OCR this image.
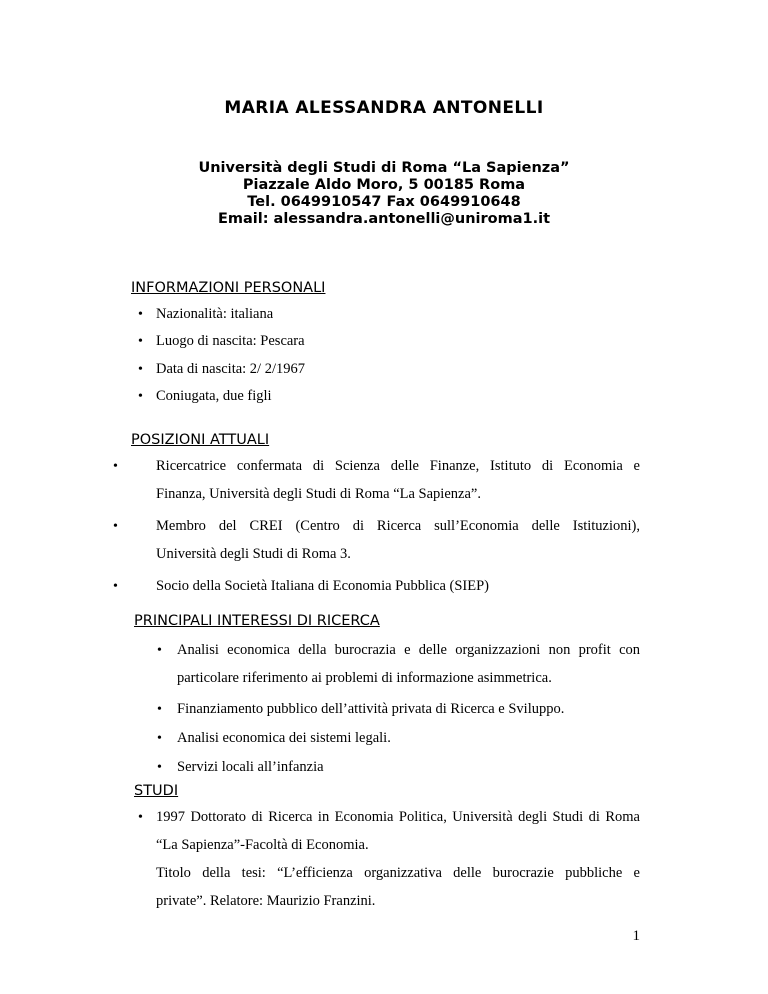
MARIA ALESSANDRA ANTONELLI
Università degli Studi di Roma “La Sapienza”
Piazzale Aldo Moro, 5 00185 Roma
Tel. 0649910547 Fax 0649910648
Email: alessandra.antonelli@uniroma1.it
INFORMAZIONI PERSONALI
• Nazionalità: italiana
• Luogo di nascita: Pescara
• Data di nascita: 2/ 2/1967
• Coniugata, due figli
POSIZIONI ATTUALI
•	Ricercatrice confermata di Scienza delle Finanze, Istituto di Economia e
Finanza, Università degli Studi di Roma “La Sapienza”.
•	Membro del CREI (Centro di Ricerca sull’Economia delle Istituzioni),
Università degli Studi di Roma 3.
•	Socio della Società Italiana di Economia Pubblica (SIEP)
PRINCIPALI INTERESSI DI RICERCA
• Analisi economica della burocrazia e delle organizzazioni non profit con
particolare riferimento ai problemi di informazione asimmetrica.
• Finanziamento pubblico dell’attività privata di Ricerca e Sviluppo.
• Analisi economica dei sistemi legali.
• Servizi locali all’infanzia
STUDI
• 1997 Dottorato di Ricerca in Economia Politica, Università degli Studi di Roma
“La Sapienza”-Facoltà di Economia.
Titolo della tesi: “L’efficienza organizzativa delle burocrazie pubbliche e
private”. Relatore: Maurizio Franzini.
1
